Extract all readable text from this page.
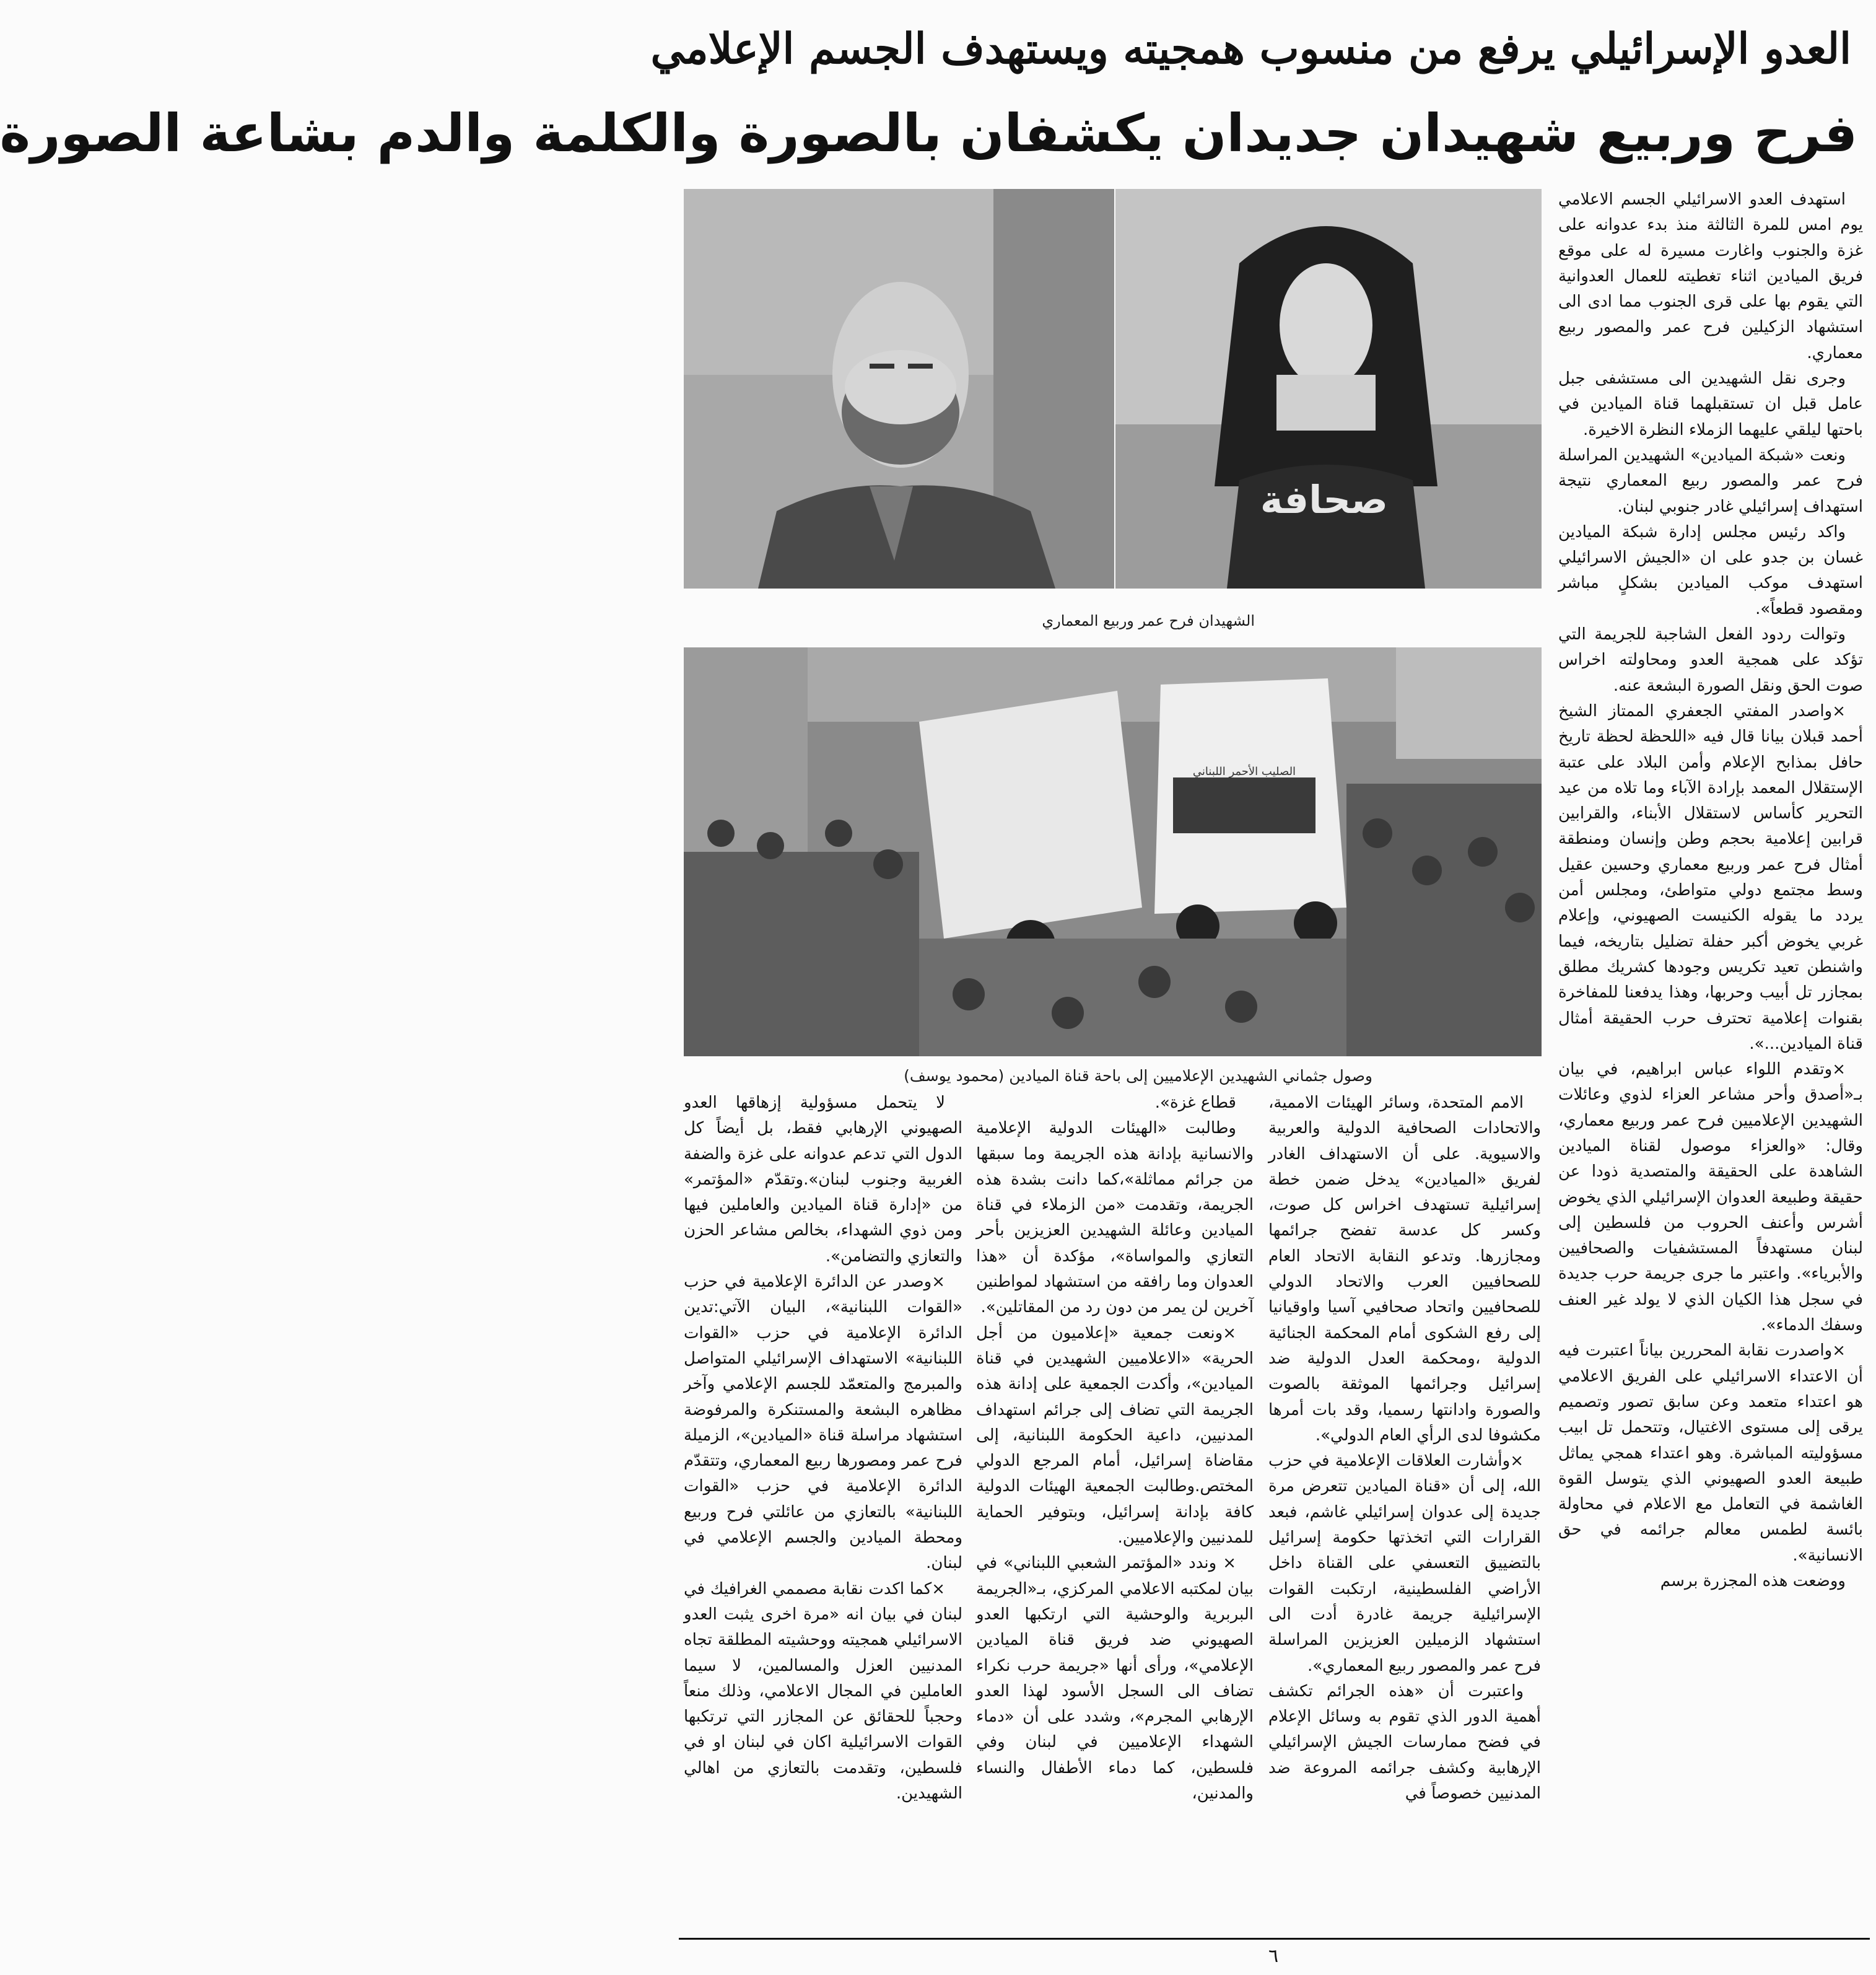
العدو الإسرائيلي يرفع من منسوب همجيته ويستهدف الجسم الإعلامي
فرح وربيع شهيدان جديدان يكشفان بالصورة والكلمة والدم بشاعة الصورة
صحافة
الشهيدان فرح عمر وربيع المعماري
الصليب الأحمر اللبناني
وصول جثماني الشهيدين الإعلاميين إلى باحة قناة الميادين (محمود يوسف)

استهدف العدو الاسرائيلي الجسم الاعلامي يوم امس للمرة الثالثة منذ بدء عدوانه على غزة والجنوب واغارت مسيرة له على موقع فريق الميادين اثناء تغطيته للعمال العدوانية التي يقوم بها على قرى الجنوب مما ادى الى استشهاد الزكيلين فرح عمر والمصور ربيع معماري.

وجرى نقل الشهيدين الى مستشفى جبل عامل قبل ان تستقبلهما قناة الميادين في باحتها ليلقي عليهما الزملاء النظرة الاخيرة.

ونعت «شبكة الميادين» الشهيدين المراسلة فرح عمر والمصور ربيع المعماري نتيجة استهداف إسرائيلي غادر جنوبي لبنان.

واكد رئيس مجلس إدارة شبكة الميادين غسان بن جدو على ان «الجيش الاسرائيلي استهدف موكب الميادين بشكلٍ مباشر ومقصود قطعاً».

وتوالت ردود الفعل الشاجبة للجريمة التي تؤكد على همجية العدو ومحاولته اخراس صوت الحق ونقل الصورة البشعة عنه.

×واصدر المفتي الجعفري الممتاز الشيخ أحمد قبلان بيانا قال فيه «اللحظة لحظة تاريخ حافل بمذابح الإعلام وأمن البلاد على عتبة الإستقلال المعمد بإرادة الآباء وما تلاه من عيد التحرير كأساس لاستقلال الأبناء، والقرابين قرابين إعلامية بحجم وطن وإنسان ومنطقة أمثال فرح عمر وربيع معماري وحسين عقيل وسط مجتمع دولي متواطئ، ومجلس أمن يردد ما يقوله الكنيست الصهيوني، وإعلام غربي يخوض أكبر حفلة تضليل بتاريخه، فيما واشنطن تعيد تكريس وجودها كشريك مطلق بمجازر تل أبيب وحربها، وهذا يدفعنا للمفاخرة بقنوات إعلامية تحترف حرب الحقيقة أمثال قناة الميادين...».

×وتقدم اللواء عباس ابراهيم، في بيان بـ«أصدق وأحر مشاعر العزاء لذوي وعائلات الشهيدين الإعلاميين فرح عمر وربيع معماري، وقال: «والعزاء موصول لقناة الميادين الشاهدة على الحقيقة والمتصدية ذودا عن حقيقة وطبيعة العدوان الإسرائيلي الذي يخوض أشرس وأعنف الحروب من فلسطين إلى لبنان مستهدفاً المستشفيات والصحافيين والأبرياء». واعتبر ما جرى جريمة حرب جديدة في سجل هذا الكيان الذي لا يولد غير العنف وسفك الدماء».

×واصدرت نقابة المحررين بياناً اعتبرت فيه أن الاعتداء الاسرائيلي على الفريق الاعلامي هو اعتداء متعمد وعن سابق تصور وتصميم يرقى إلى مستوى الاغتيال، وتتحمل تل ابيب مسؤوليته المباشرة. وهو اعتداء همجي يماثل طبيعة العدو الصهيوني الذي يتوسل القوة الغاشمة في التعامل مع الاعلام في محاولة بائسة لطمس معالم جرائمه في حق الانسانية».

ووضعت هذه المجزرة برسم

الامم المتحدة، وسائر الهيئات الاممية، والاتحادات الصحافية الدولية والعربية والاسيوية. على أن الاستهداف الغادر لفريق «الميادين» يدخل ضمن خطة إسرائيلية تستهدف اخراس كل صوت، وكسر كل عدسة تفضح جرائمها ومجازرها. وتدعو النقابة الاتحاد العام للصحافيين العرب والاتحاد الدولي للصحافيين واتحاد صحافيي آسيا واوقيانيا إلى رفع الشكوى أمام المحكمة الجنائية الدولية ،ومحكمة العدل الدولية ضد إسرائيل وجرائمها الموثقة بالصوت والصورة وادانتها رسميا، وقد بات أمرها مكشوفا لدى الرأي العام الدولي».

×وأشارت العلاقات الإعلامية في حزب الله، إلى أن «قناة الميادين تتعرض مرة جديدة إلى عدوان إسرائيلي غاشم، فبعد القرارات التي اتخذتها حكومة إسرائيل بالتضييق التعسفي على القناة داخل الأراضي الفلسطينية، ارتكبت القوات الإسرائيلية جريمة غادرة أدت الى استشهاد الزميلين العزيزين المراسلة فرح عمر والمصور ربيع المعماري».

واعتبرت أن «هذه الجرائم تكشف أهمية الدور الذي تقوم به وسائل الإعلام في فضح ممارسات الجيش الإسرائيلي الإرهابية وكشف جرائمه المروعة ضد المدنيين خصوصاً في

قطاع غزة».

وطالبت «الهيئات الدولية الإعلامية والانسانية بإدانة هذه الجريمة وما سبقها من جرائم مماثلة»،كما دانت بشدة هذه الجريمة، وتقدمت «من الزملاء في قناة الميادين وعائلة الشهيدين العزيزين بأحر التعازي والمواساة»، مؤكدة أن «هذا العدوان وما رافقه من استشهاد لمواطنين آخرين لن يمر من دون رد من المقاتلين».

×ونعت جمعية «إعلاميون من أجل الحرية» «الاعلاميين الشهيدين في قناة الميادين»، وأكدت الجمعية على إدانة هذه الجريمة التي تضاف إلى جرائم استهداف المدنيين، داعية الحكومة اللبنانية، إلى مقاضاة إسرائيل، أمام المرجع الدولي المختص.وطالبت الجمعية الهيئات الدولية كافة بإدانة إسرائيل، وبتوفير الحماية للمدنيين والإعلاميين.

× وندد «المؤتمر الشعبي اللبناني» في بيان لمكتبه الاعلامي المركزي، بـ«الجريمة البربرية والوحشية التي ارتكبها العدو الصهيوني ضد فريق قناة الميادين الإعلامي»، ورأى أنها «جريمة حرب نكراء تضاف الى السجل الأسود لهذا العدو الإرهابي المجرم»، وشدد على أن «دماء الشهداء الإعلاميين في لبنان وفي فلسطين، كما دماء الأطفال والنساء والمدنين،

لا يتحمل مسؤولية إزهاقها العدو الصهيوني الإرهابي فقط، بل أيضاً كل الدول التي تدعم عدوانه على غزة والضفة الغربية وجنوب لبنان».وتقدّم «المؤتمر» من «إدارة قناة الميادين والعاملين فيها ومن ذوي الشهداء، بخالص مشاعر الحزن والتعازي والتضامن».

×وصدر عن الدائرة الإعلامية في حزب «القوات اللبنانية»، البيان الآتي:تدين الدائرة الإعلامية في حزب «القوات اللبنانية» الاستهداف الإسرائيلي المتواصل والمبرمج والمتعمّد للجسم الإعلامي وآخر مظاهره البشعة والمستنكرة والمرفوضة استشهاد مراسلة قناة «الميادين»، الزميلة فرح عمر ومصورها ربيع المعماري، وتتقدّم الدائرة الإعلامية في حزب «القوات اللبنانية» بالتعازي من عائلتي فرح وربيع ومحطة الميادين والجسم الإعلامي في لبنان.

×كما اكدت نقابة مصممي الغرافيك في لبنان في بيان انه «مرة اخرى يثبت العدو الاسرائيلي همجيته ووحشيته المطلقة تجاه المدنيين العزل والمسالمين، لا سيما العاملين في المجال الاعلامي، وذلك منعاً وحجباً للحقائق عن المجازر التي ترتكبها القوات الاسرائيلية اكان في لبنان او في فلسطين، وتقدمت بالتعازي من اهالي الشهيدين.

٦
